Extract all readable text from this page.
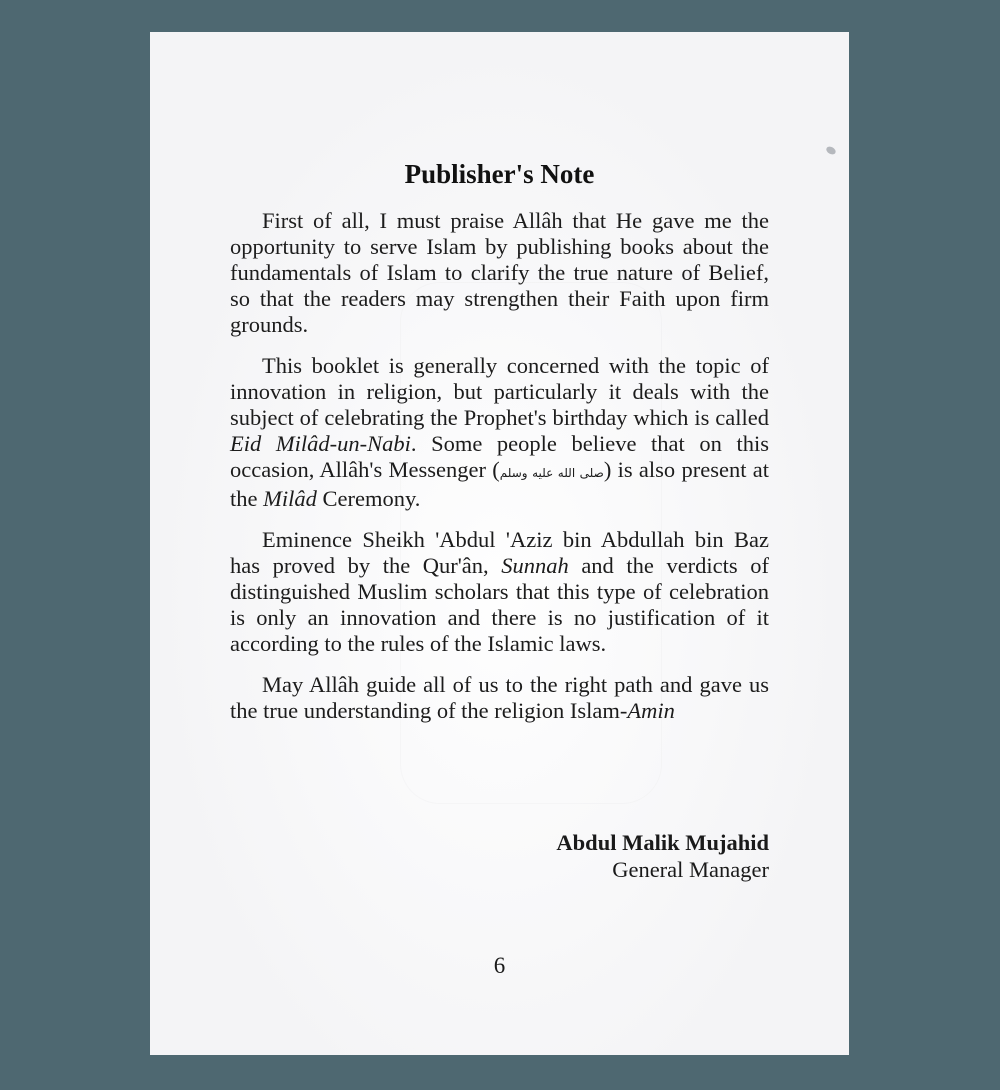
Publisher's Note

First of all, I must praise Allâh that He gave me the opportunity to serve Islam by publishing books about the fundamentals of Islam to clarify the true nature of Belief, so that the readers may strengthen their Faith upon firm grounds.

This booklet is generally concerned with the topic of innovation in religion, but particularly it deals with the subject of celebrating the Prophet's birthday which is called Eid Milâd-un-Nabi. Some people believe that on this occasion, Allâh's Messenger (صلى الله عليه وسلم) is also present at the Milâd Ceremony.

Eminence Sheikh 'Abdul 'Aziz bin Abdullah bin Baz has proved by the Qur'ân, Sunnah and the verdicts of distinguished Muslim scholars that this type of celebration is only an innovation and there is no justification of it according to the rules of the Islamic laws.

May Allâh guide all of us to the right path and gave us the true understanding of the religion Islam-Amin

Abdul Malik Mujahid
General Manager
6
